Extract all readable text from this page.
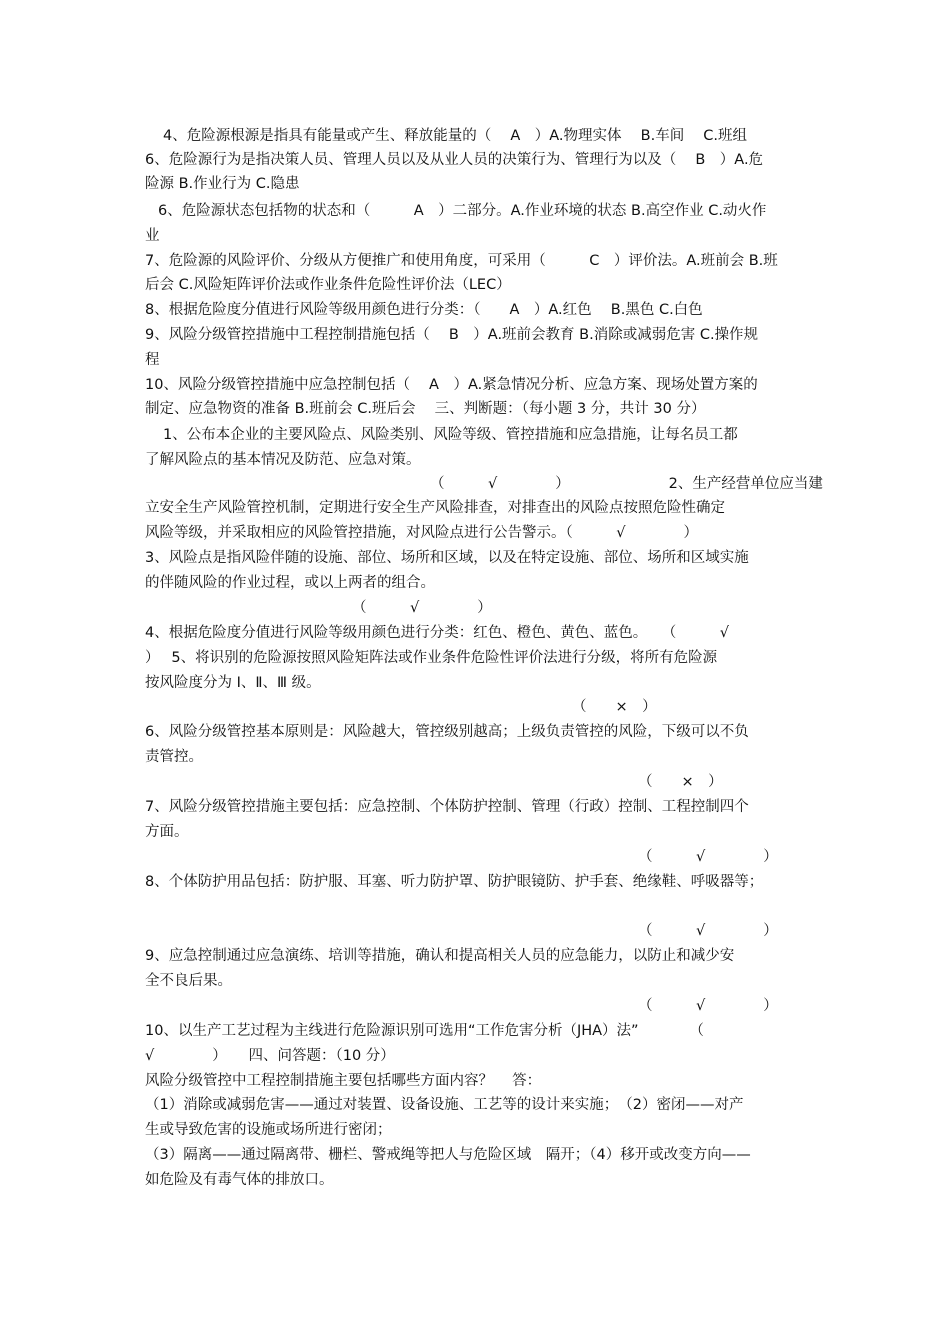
4、危险源根源是指具有能量或产生、释放能量的（　 A　）A.物理实体　 B.车间　 C.班组
6、危险源行为是指决策人员、管理人员以及从业人员的决策行为、管理行为以及（　 B　）A.危
险源 B.作业行为 C.隐患
6、危险源状态包括物的状态和（　　　A　）二部分。A.作业环境的状态 B.高空作业 C.动火作
业
7、危险源的风险评价、分级从方便推广和使用角度，可采用（　　　C　）评价法。A.班前会 B.班
后会 C.风险矩阵评价法或作业条件危险性评价法（LEC）
8、根据危险度分值进行风险等级用颜色进行分类：（　　A　）A.红色　 B.黑色 C.白色
9、风险分级管控措施中工程控制措施包括（　 B　）A.班前会教育 B.消除或减弱危害 C.操作规
程
10、风险分级管控措施中应急控制包括（　 A　）A.紧急情况分析、应急方案、现场处置方案的
制定、应急物资的准备 B.班前会 C.班后会　 三、判断题：（每小题 3 分，共计 30 分）
1、公布本企业的主要风险点、风险类别、风险等级、管控措施和应急措施，让每名员工都
了解风险点的基本情况及防范、应急对策。
（　　　√　　　　）　　　　　　　 2、生产经营单位应当建
立安全生产风险管控机制，定期进行安全生产风险排查，对排查出的风险点按照危险性确定
风险等级，并采取相应的风险管控措施，对风险点进行公告警示。（　　　√　　　　）
3、风险点是指风险伴随的设施、部位、场所和区域，以及在特定设施、部位、场所和区域实施
的伴随风险的作业过程，或以上两者的组合。
（　　　√　　　　）
4、根据危险度分值进行风险等级用颜色进行分类：红色、橙色、黄色、蓝色。　　（　　　√
）　 5、将识别的危险源按照风险矩阵法或作业条件危险性评价法进行分级，将所有危险源
按风险度分为 Ⅰ、Ⅱ、Ⅲ 级。
（　　×　）
6、风险分级管控基本原则是：风险越大，管控级别越高；上级负责管控的风险，下级可以不负
责管控。
（　　×　）
7、风险分级管控措施主要包括：应急控制、个体防护控制、管理（行政）控制、工程控制四个
方面。
（　　　√　　　　）
8、个体防护用品包括：防护服、耳塞、听力防护罩、防护眼镜防、护手套、绝缘鞋、呼吸器等；
（　　　√　　　　）
9、应急控制通过应急演练、培训等措施，确认和提高相关人员的应急能力，以防止和减少安
全不良后果。
（　　　√　　　　）
10、以生产工艺过程为主线进行危险源识别可选用“工作危害分析（JHA）法”　　　　（
√　　　　）　　四、问答题：（10 分）
风险分级管控中工程控制措施主要包括哪些方面内容？　 答：
（1）消除或减弱危害——通过对装置、设备设施、工艺等的设计来实施；　（2）密闭——对产
生或导致危害的设施或场所进行密闭；
（3）隔离——通过隔离带、栅栏、警戒绳等把人与危险区域　隔开；（4）移开或改变方向——
如危险及有毒气体的排放口。
